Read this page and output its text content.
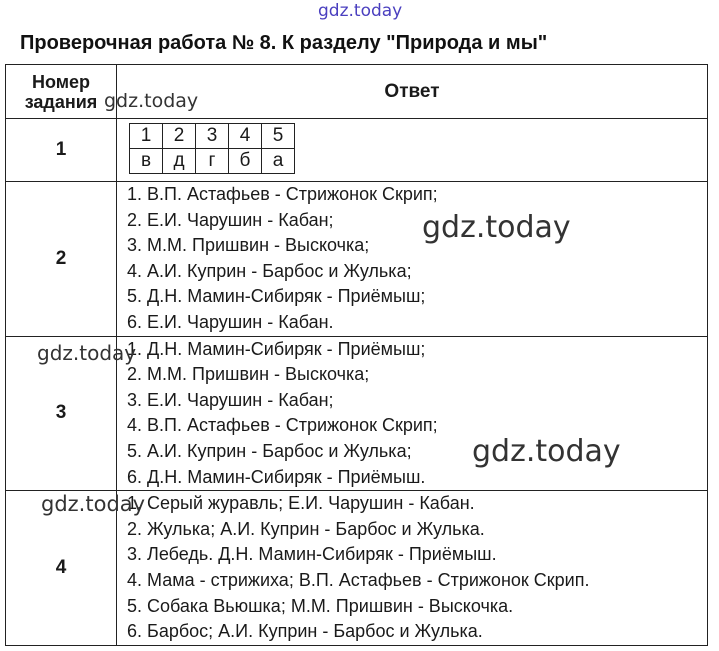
Проверочная работа № 8. К разделу "Природа и мы"
Номер задания	Ответ
1	
1	2	3	4	5
в	д	г	б	а

2	
1. В.П. Астафьев - Стрижонок Скрип;
2. Е.И. Чарушин - Кабан;
3. М.М. Пришвин - Выскочка;
4. А.И. Куприн - Барбос и Жулька;
5. Д.Н. Мамин-Сибиряк - Приёмыш;
6. Е.И. Чарушин - Кабан.

3	
1. Д.Н. Мамин-Сибиряк - Приёмыш;
2. М.М. Пришвин - Выскочка;
3. Е.И. Чарушин - Кабан;
4. В.П. Астафьев - Стрижонок Скрип;
5. А.И. Куприн - Барбос и Жулька;
6. Д.Н. Мамин-Сибиряк - Приёмыш.

4	
1. Серый журавль; Е.И. Чарушин - Кабан.
2. Жулька; А.И. Куприн - Барбос и Жулька.
3. Лебедь. Д.Н. Мамин-Сибиряк - Приёмыш.
4. Мама - стрижиха; В.П. Астафьев - Стрижонок Скрип.
5. Собака Вьюшка; М.М. Пришвин - Выскочка.
6. Барбос; А.И. Куприн - Барбос и Жулька.
gdz.today
gdz.today
gdz.today
gdz.today
gdz.today
gdz.today
